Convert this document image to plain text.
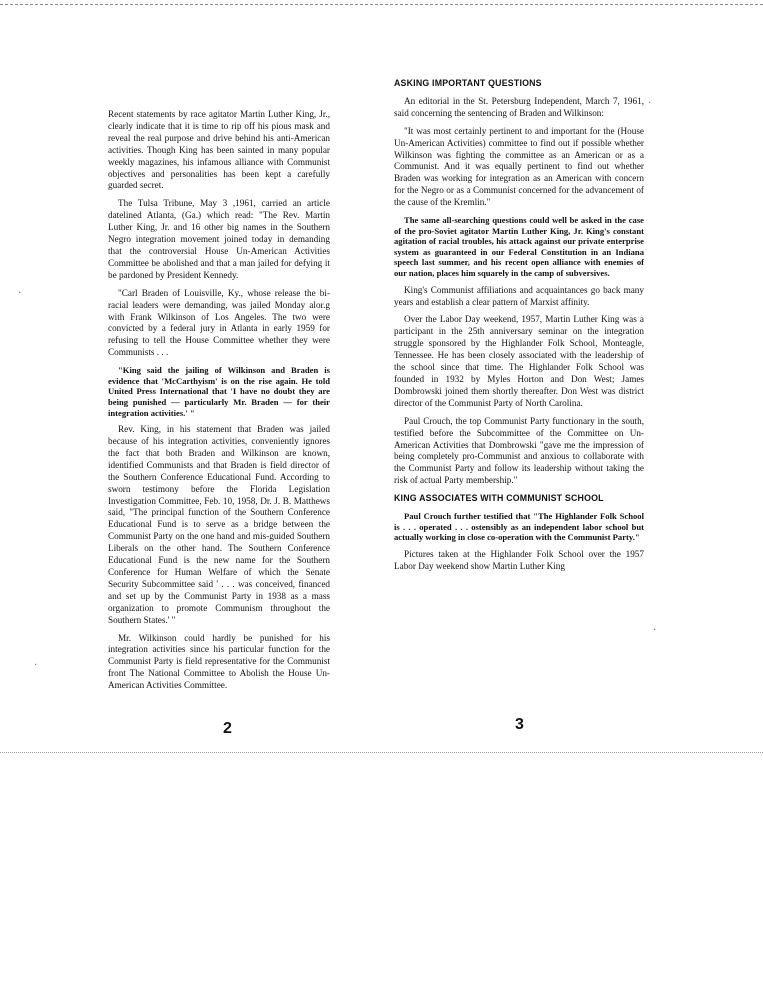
Recent statements by race agitator Martin Luther King, Jr., clearly indicate that it is time to rip off his pious mask and reveal the real purpose and drive behind his anti-American activities. Though King has been sainted in many popular weekly magazines, his infamous alliance with Communist objectives and personalities has been kept a carefully guarded secret.

The Tulsa Tribune, May 3 ,1961, carried an article datelined Atlanta, (Ga.) which read: "The Rev. Martin Luther King, Jr. and 16 other big names in the Southern Negro integration movement joined today in demanding that the controversial House Un-American Activities Committee be abolished and that a man jailed for defying it be pardoned by President Kennedy.

"Carl Braden of Louisville, Ky., whose release the bi-racial leaders were demanding, was jailed Monday alor.g with Frank Wilkinson of Los Angeles. The two were convicted by a federal jury in Atlanta in early 1959 for refusing to tell the House Committee whether they were Communists . . .

"King said the jailing of Wilkinson and Braden is evidence that 'McCarthyism' is on the rise again. He told United Press International that 'I have no doubt they are being punished — particularly Mr. Braden — for their integration activities.' "

Rev. King, in his statement that Braden was jailed because of his integration activities, conveniently ignores the fact that both Braden and Wilkinson are known, identified Communists and that Braden is field director of the Southern Conference Educational Fund. According to sworn testimony before the Florida Legislation Investigation Committee, Feb. 10, 1958, Dr. J. B. Matthews said, "The principal function of the Southern Conference Educational Fund is to serve as a bridge between the Communist Party on the one hand and mis-guided Southern Liberals on the other hand. The Southern Conference Educational Fund is the new name for the Southern Conference for Human Welfare of which the Senate Security Subcommittee said ' . . . was conceived, financed and set up by the Communist Party in 1938 as a mass organization to promote Communism throughout the Southern States.' "

Mr. Wilkinson could hardly be punished for his integration activities since his particular function for the Communist Party is field representative for the Communist front The National Committee to Abolish the House Un-American Activities Committee.

ASKING IMPORTANT QUESTIONS

An editorial in the St. Petersburg Independent, March 7, 1961, said concerning the sentencing of Braden and Wilkinson:

"It was most certainly pertinent to and important for the (House Un-American Activities) committee to find out if possible whether Wilkinson was fighting the committee as an American or as a Communist. And it was equally pertinent to find out whether Braden was working for integration as an American with concern for the Negro or as a Communist concerned for the advancement of the cause of the Kremlin."

The same all-searching questions could well be asked in the case of the pro-Soviet agitator Martin Luther King, Jr. King's constant agitation of racial troubles, his attack against our private enterprise system as guaranteed in our Federal Constitution in an Indiana speech last summer, and his recent open alliance with enemies of our nation, places him squarely in the camp of subversives.

King's Communist affiliations and acquaintances go back many years and establish a clear pattern of Marxist affinity.

Over the Labor Day weekend, 1957, Martin Luther King was a participant in the 25th anniversary seminar on the integration struggle sponsored by the Highlander Folk School, Monteagle, Tennessee. He has been closely associated with the leadership of the school since that time. The Highlander Folk School was founded in 1932 by Myles Horton and Don West; James Dombrowski joined them shortly thereafter. Don West was district director of the Communist Party of North Carolina.

Paul Crouch, the top Communist Party functionary in the south, testified before the Subcommittee of the Committee on Un-American Activities that Dombrowski "gave me the impression of being completely pro-Communist and anxious to collaborate with the Communist Party and follow its leadership without taking the risk of actual Party membership."

KING ASSOCIATES WITH COMMUNIST SCHOOL

Paul Crouch further testified that "The Highlander Folk School is . . . operated . . . ostensibly as an independent labor school but actually working in close co-operation with the Communist Party."

Pictures taken at the Highlander Folk School over the 1957 Labor Day weekend show Martin Luther King

2	3
·
·
·
·
